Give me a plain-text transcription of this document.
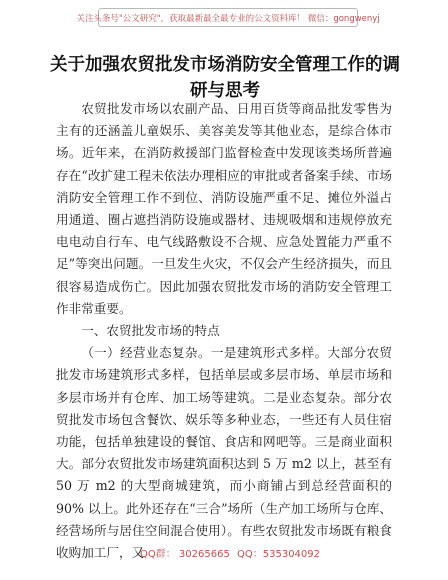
关注头条号"公文研究"，获取最新最全最专业的公文资料库！ 微信：gongwenyj
关于加强农贸批发市场消防安全管理工作的调研与思考

农贸批发市场以农副产品、日用百货等商品批发零售为主有的还涵盖儿童娱乐、美容美发等其他业态，是综合体市场。近年来，在消防救援部门监督检查中发现该类场所普遍存在“改扩建工程未依法办理相应的审批或者备案手续、市场消防安全管理工作不到位、消防设施严重不足、摊位外溢占用通道、圈占遮挡消防设施或器材、违规吸烟和违规停放充电电动自行车、电气线路敷设不合规、应急处置能力严重不足”等突出问题。一旦发生火灾，不仅会产生经济损失，而且很容易造成伤亡。因此加强农贸批发市场的消防安全管理工作非常重要。

一、农贸批发市场的特点

（一）经营业态复杂。一是建筑形式多样。大部分农贸批发市场建筑形式多样，包括单层或多层市场、单层市场和多层市场并有仓库、加工场等建筑。二是业态复杂。部分农贸批发市场包含餐饮、娱乐等多种业态，一些还有人员住宿功能，包括单独建设的餐馆、食店和网吧等。三是商业面积大。部分农贸批发市场建筑面积达到 5 万 m2 以上，甚至有 50 万 m2 的大型商城建筑，而小商铺占到总经营面积的 90% 以上。此外还存在“三合”场所（生产加工场所与仓库、经营场所与居住空间混合使用）。有些农贸批发市场既有粮食收购加工厂，又

QQ群： 30265665 QQ：535304092
